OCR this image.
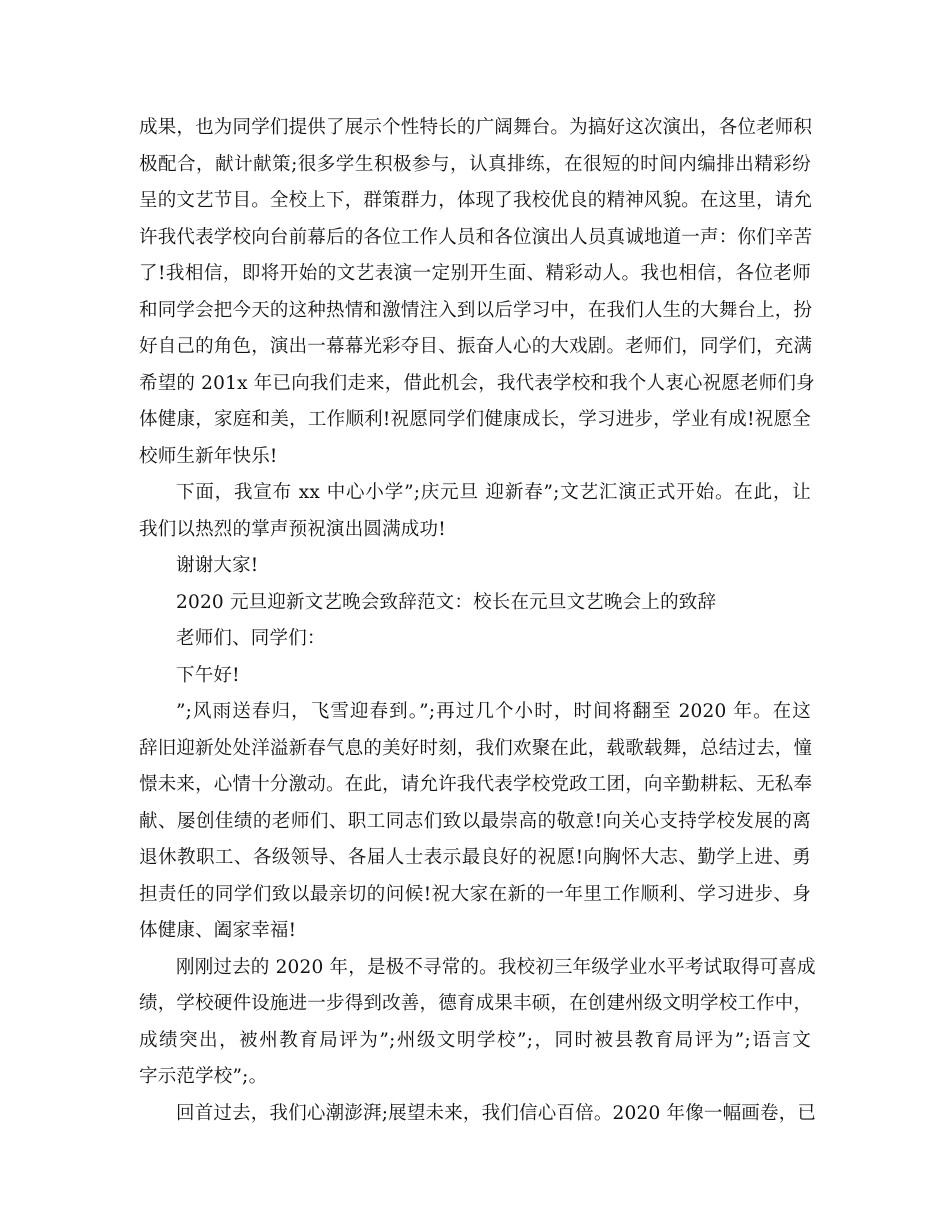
成果，也为同学们提供了展示个性特长的广阔舞台。为搞好这次演出，各位老师积
极配合，献计献策;很多学生积极参与，认真排练，在很短的时间内编排出精彩纷
呈的文艺节目。全校上下，群策群力，体现了我校优良的精神风貌。在这里，请允
许我代表学校向台前幕后的各位工作人员和各位演出人员真诚地道一声：你们辛苦
了!我相信，即将开始的文艺表演一定别开生面、精彩动人。我也相信，各位老师
和同学会把今天的这种热情和激情注入到以后学习中，在我们人生的大舞台上，扮
好自己的角色，演出一幕幕光彩夺目、振奋人心的大戏剧。老师们，同学们，充满
希望的 201x 年已向我们走来，借此机会，我代表学校和我个人衷心祝愿老师们身
体健康，家庭和美，工作顺利!祝愿同学们健康成长，学习进步，学业有成!祝愿全
校师生新年快乐!
下面，我宣布 xx 中心小学”;庆元旦 迎新春”;文艺汇演正式开始。在此，让
我们以热烈的掌声预祝演出圆满成功!
谢谢大家!
2020 元旦迎新文艺晚会致辞范文：校长在元旦文艺晚会上的致辞
老师们、同学们：
下午好!
”;风雨送春归，飞雪迎春到。”;再过几个小时，时间将翻至 2020 年。在这
辞旧迎新处处洋溢新春气息的美好时刻，我们欢聚在此，载歌载舞，总结过去，憧
憬未来，心情十分激动。在此，请允许我代表学校党政工团，向辛勤耕耘、无私奉
献、屡创佳绩的老师们、职工同志们致以最崇高的敬意!向关心支持学校发展的离
退休教职工、各级领导、各届人士表示最良好的祝愿!向胸怀大志、勤学上进、勇
担责任的同学们致以最亲切的问候!祝大家在新的一年里工作顺利、学习进步、身
体健康、阖家幸福!
刚刚过去的 2020 年，是极不寻常的。我校初三年级学业水平考试取得可喜成
绩，学校硬件设施进一步得到改善，德育成果丰硕，在创建州级文明学校工作中，
成绩突出，被州教育局评为”;州级文明学校”;，同时被县教育局评为”;语言文
字示范学校”;。
回首过去，我们心潮澎湃;展望未来，我们信心百倍。2020 年像一幅画卷，已
